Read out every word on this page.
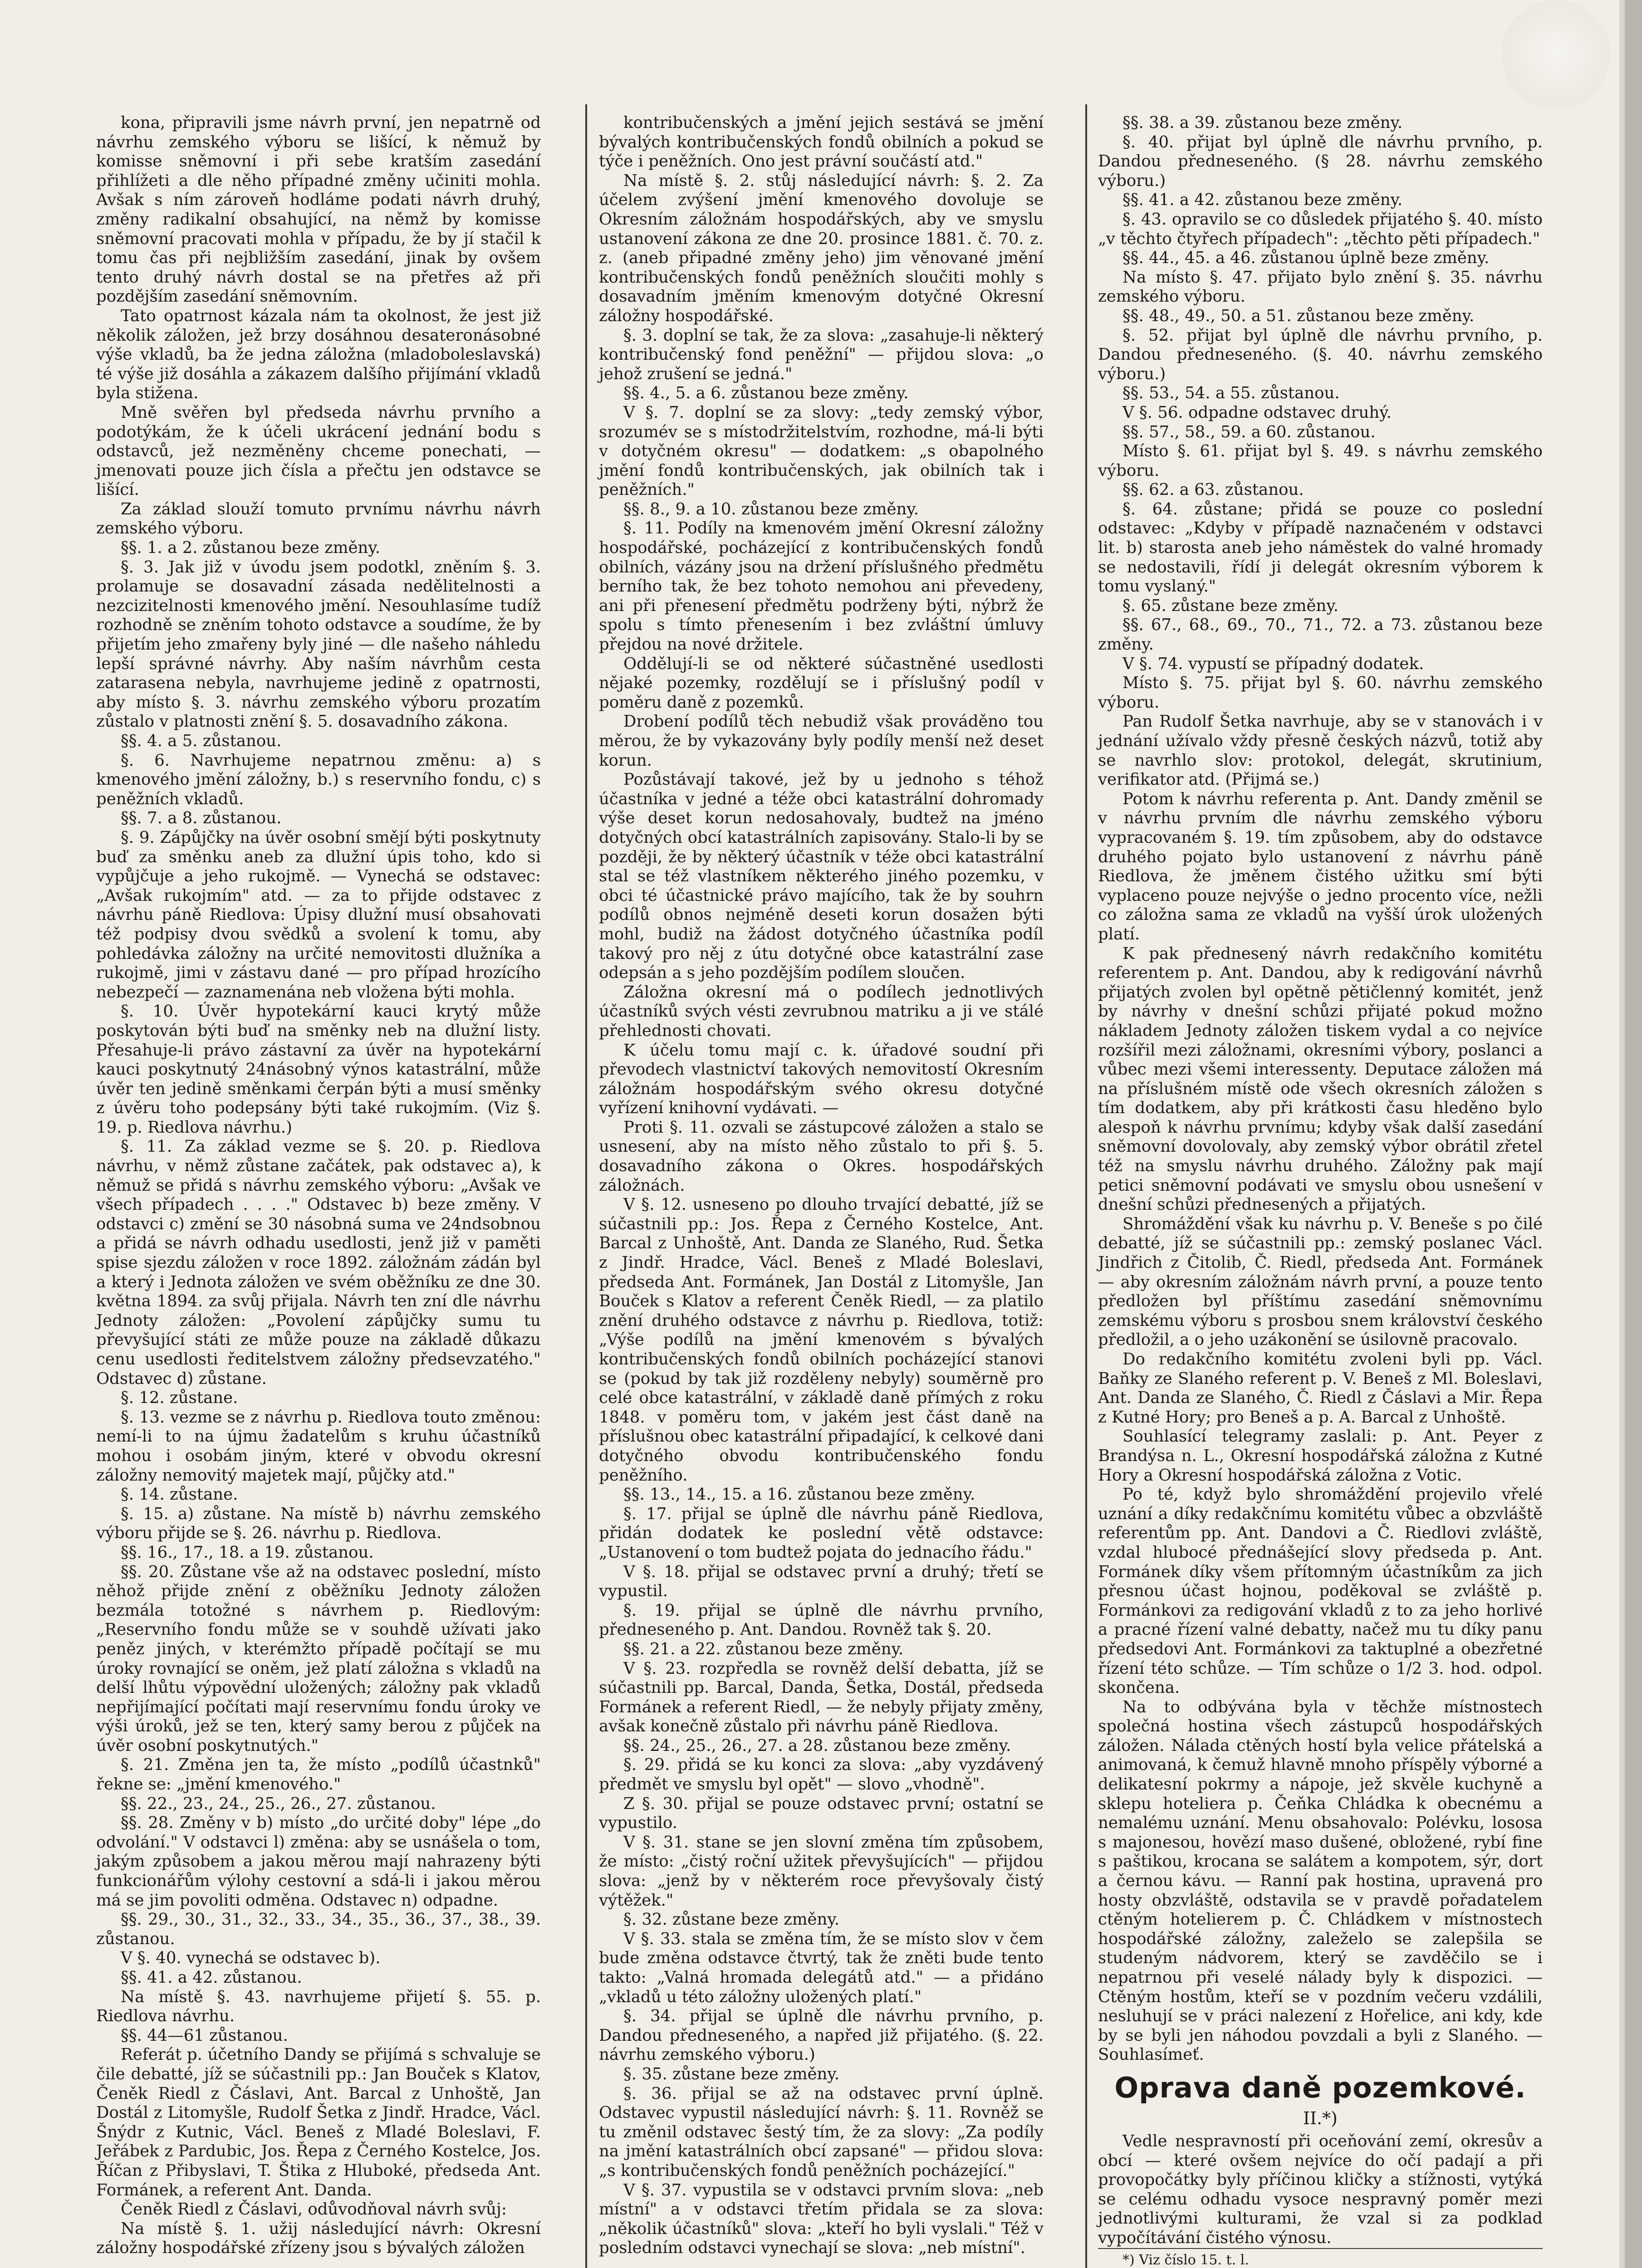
kona, připravili jsme návrh první, jen nepatrně od návrhu zemského výboru se lišící, k němuž by komisse sněmovní i při sebe kratším zasedání přihlížeti a dle něho případné změny učiniti mohla. Avšak s ním zároveň hodláme podati návrh druhý, změny radikalní obsahující, na němž by komisse sněmovní pracovati mohla v případu, že by jí stačil k tomu čas při nejbližším zasedání, jinak by ovšem tento druhý návrh dostal se na přetřes až při pozdějším zasedání sněmovním.

Tato opatrnost kázala nám ta okolnost, že jest již několik záložen, jež brzy dosáhnou desateronásobné výše vkladů, ba že jedna záložna (mladoboleslavská) té výše již dosáhla a zákazem dalšího přijímání vkladů byla stižena.

Mně svěřen byl předseda návrhu prvního a podotýkám, že k účeli ukrácení jednání bodu s odstavců, jež nezměněny chceme ponechati, — jmenovati pouze jich čísla a přečtu jen odstavce se lišící.

Za základ slouží tomuto prvnímu návrhu návrh zemského výboru.

§§. 1. a 2. zůstanou beze změny.

§. 3. Jak již v úvodu jsem podotkl, zněním §. 3. prolamuje se dosavadní zásada nedělitelnosti a nezcizitelnosti kmenového jmění. Nesouhlasíme tudíž rozhodně se zněním tohoto odstavce a soudíme, že by přijetím jeho zmařeny byly jiné — dle našeho náhledu lepší správné návrhy. Aby naším návrhům cesta zatarasena nebyla, navrhujeme jedině z opatrnosti, aby místo §. 3. návrhu zemského výboru prozatím zůstalo v platnosti znění §. 5. dosavadního zákona.

§§. 4. a 5. zůstanou.

§. 6. Navrhujeme nepatrnou změnu: a) s kmenového jmění záložny, b.) s reservního fondu, c) s peněžních vkladů.

§§. 7. a 8. zůstanou.

§. 9. Zápůjčky na úvěr osobní smějí býti poskytnuty buď za směnku aneb za dlužní úpis toho, kdo si vypůjčuje a jeho rukojmě. — Vynechá se odstavec: „Avšak rukojmím" atd. — za to přijde odstavec z návrhu páně Riedlova: Úpisy dlužní musí obsahovati též podpisy dvou svědků a svolení k tomu, aby pohledávka záložny na určité nemovitosti dlužníka a rukojmě, jimi v zástavu dané — pro případ hrozícího nebezpečí — zaznamenána neb vložena býti mohla.

§. 10. Úvěr hypotekární kauci krytý může poskytován býti buď na směnky neb na dlužní listy. Přesahuje-li právo zástavní za úvěr na hypotekární kauci poskytnutý 24násobný výnos katastrální, může úvěr ten jedině směnkami čerpán býti a musí směnky z úvěru toho podepsány býti také rukojmím. (Viz §. 19. p. Riedlova návrhu.)

§. 11. Za základ vezme se §. 20. p. Riedlova návrhu, v němž zůstane začátek, pak odstavec a), k němuž se přidá s návrhu zemského výboru: „Avšak ve všech případech . . . ." Odstavec b) beze změny. V odstavci c) změní se 30 násobná suma ve 24ndsobnou a přidá se návrh odhadu usedlosti, jenž již v paměti spise sjezdu záložen v roce 1892. záložnám zádán byl a který i Jednota záložen ve svém oběžníku ze dne 30. května 1894. za svůj přijala. Návrh ten zní dle návrhu Jednoty záložen: „Povolení zápůjčky sumu tu převyšující státi ze může pouze na základě důkazu cenu usedlosti ředitelstvem záložny předsevzatého." Odstavec d) zůstane.

§. 12. zůstane.

§. 13. vezme se z návrhu p. Riedlova touto změnou: nemí-li to na újmu žadatelům s kruhu účastníků mohou i osobám jiným, které v obvodu okresní záložny nemovitý majetek mají, půjčky atd."

§. 14. zůstane.

§. 15. a) zůstane. Na místě b) návrhu zemského výboru přijde se §. 26. návrhu p. Riedlova.

§§. 16., 17., 18. a 19. zůstanou.

§§. 20. Zůstane vše až na odstavec poslední, místo něhož přijde znění z oběžníku Jednoty záložen bezmála totožné s návrhem p. Riedlovým: „Reservního fondu může se v souhdě užívati jako peněz jiných, v kterémžto případě počítají se mu úroky rovnající se oněm, jež platí záložna s vkladů na delší lhůtu výpovědní uložených; záložny pak vkladů nepřijímající počítati mají reservnímu fondu úroky ve výši úroků, jež se ten, který samy berou z půjček na úvěr osobní poskytnutých."

§. 21. Změna jen ta, že místo „podílů účastnků" řekne se: „jmění kmenového."

§§. 22., 23., 24., 25., 26., 27. zůstanou.

§§. 28. Změny v b) místo „do určité doby" lépe „do odvolání." V odstavci l) změna: aby se usnášela o tom, jakým způsobem a jakou měrou mají nahrazeny býti funkcionářům výlohy cestovní a sdá-li i jakou měrou má se jim povoliti odměna. Odstavec n) odpadne.

§§. 29., 30., 31., 32., 33., 34., 35., 36., 37., 38., 39. zůstanou.

V §. 40. vynechá se odstavec b).

§§. 41. a 42. zůstanou.

Na místě §. 43. navrhujeme přijetí §. 55. p. Riedlova návrhu.

§§. 44—61 zůstanou.

Referát p. účetního Dandy se přijímá s schvaluje se čile debatté, jíž se súčastnili pp.: Jan Bouček s Klatov, Čeněk Riedl z Čáslavi, Ant. Barcal z Unhoště, Jan Dostál z Litomyšle, Rudolf Šetka z Jindř. Hradce, Václ. Šnýdr z Kutnic, Václ. Beneš z Mladé Boleslavi, F. Jeřábek z Pardubic, Jos. Řepa z Černého Kostelce, Jos. Říčan z Přibyslavi, T. Štika z Hluboké, předseda Ant. Formánek, a referent Ant. Danda.

Čeněk Riedl z Čáslavi, odůvodňoval návrh svůj:

Na místě §. 1. užij následující návrh: Okresní záložny hospodářské zřízeny jsou s bývalých záložen

kontribučenských a jmění jejich sestává se jmění bývalých kontribučenských fondů obilních a pokud se týče i peněžních. Ono jest právní součástí atd."

Na místě §. 2. stůj následující návrh: §. 2. Za účelem zvýšení jmění kmenového dovoluje se Okresním záložnám hospodářských, aby ve smyslu ustanovení zákona ze dne 20. prosince 1881. č. 70. z. z. (aneb připadné změny jeho) jim věnované jmění kontribučenských fondů peněžních sloučiti mohly s dosavadním jměním kmenovým dotyčné Okresní záložny hospodářské.

§. 3. doplní se tak, že za slova: „zasahuje-li některý kontribučenský fond peněžní" — přijdou slova: „o jehož zrušení se jedná."

§§. 4., 5. a 6. zůstanou beze změny.

V §. 7. doplní se za slovy: „tedy zemský výbor, srozumév se s místodržitelstvím, rozhodne, má-li býti v dotyčném okresu" — dodatkem: „s obapolného jmění fondů kontribučenských, jak obilních tak i peněžních."

§§. 8., 9. a 10. zůstanou beze změny.

§. 11. Podíly na kmenovém jmění Okresní záložny hospodářské, pocházející z kontribučenských fondů obilních, vázány jsou na držení příslušného předmětu berního tak, že bez tohoto nemohou ani převedeny, ani při přenesení předmětu podrženy býti, nýbrž že spolu s tímto přenesením i bez zvláštní úmluvy přejdou na nové držitele.

Oddělují-li se od některé súčastněné usedlosti nějaké pozemky, rozdělují se i příslušný podíl v poměru daně z pozemků.

Drobení podílů těch nebudiž však prováděno tou měrou, že by vykazovány byly podíly menší než deset korun.

Pozůstávají takové, jež by u jednoho s téhož účastníka v jedné a téže obci katastrální dohromady výše deset korun nedosahovaly, budtež na jméno dotyčných obcí katastrálních zapisovány. Stalo-li by se později, že by některý účastník v téže obci katastrální stal se též vlastníkem některého jiného pozemku, v obci té účastnické právo majícího, tak že by souhrn podílů obnos nejméně deseti korun dosažen býti mohl, budiž na žádost dotyčného účastníka podíl takový pro něj z útu dotyčné obce katastrální zase odepsán a s jeho pozdějším podílem sloučen.

Záložna okresní má o podílech jednotlivých účastníků svých vésti zevrubnou matriku a ji ve stálé přehlednosti chovati.

K účelu tomu mají c. k. úřadové soudní při převodech vlastnictví takových nemovitostí Okresním záložnám hospodářským svého okresu dotyčné vyřízení knihovní vydávati. —

Proti §. 11. ozvali se zástupcové záložen a stalo se usnesení, aby na místo něho zůstalo to při §. 5. dosavadního zákona o Okres. hospodářských záložnách.

V §. 12. usneseno po dlouho trvající debatté, jíž se súčastnili pp.: Jos. Řepa z Černého Kostelce, Ant. Barcal z Unhoště, Ant. Danda ze Slaného, Rud. Šetka z Jindř. Hradce, Václ. Beneš z Mladé Boleslavi, předseda Ant. Formánek, Jan Dostál z Litomyšle, Jan Bouček s Klatov a referent Čeněk Riedl, — za platilo znění druhého odstavce z návrhu p. Riedlova, totiž: „Výše podílů na jmění kmenovém s bývalých kontribučenských fondů obilních pocházející stanovi se (pokud by tak již rozděleny nebyly) souměrně pro celé obce katastrální, v základě daně přímých z roku 1848. v poměru tom, v jakém jest část daně na příslušnou obec katastrální připadající, k celkové dani dotyčného obvodu kontribučenského fondu peněžního.

§§. 13., 14., 15. a 16. zůstanou beze změny.

§. 17. přijal se úplně dle návrhu páně Riedlova, přidán dodatek ke poslední větě odstavce: „Ustanovení o tom budtež pojata do jednacího řádu."

V §. 18. přijal se odstavec první a druhý; třetí se vypustil.

§. 19. přijal se úplně dle návrhu prvního, předneseného p. Ant. Dandou. Rovněž tak §. 20.

§§. 21. a 22. zůstanou beze změny.

V §. 23. rozpředla se rovněž delší debatta, jíž se súčastnili pp. Barcal, Danda, Šetka, Dostál, předseda Formánek a referent Riedl, — že nebyly přijaty změny, avšak konečně zůstalo při návrhu páně Riedlova.

§§. 24., 25., 26., 27. a 28. zůstanou beze změny.

§. 29. přidá se ku konci za slova: „aby vyzdávený předmět ve smyslu byl opět" — slovo „vhodně".

Z §. 30. přijal se pouze odstavec první; ostatní se vypustilo.

V §. 31. stane se jen slovní změna tím způsobem, že místo: „čistý roční užitek převyšujících" — přijdou slova: „jenž by v některém roce převyšovaly čistý výtěžek."

§. 32. zůstane beze změny.

V §. 33. stala se změna tím, že se místo slov v čem bude změna odstavce čtvrtý, tak že zněti bude tento takto: „Valná hromada delegátů atd." — a přidáno „vkladů u této záložny uložených platí."

§. 34. přijal se úplně dle návrhu prvního, p. Dandou předneseného, a napřed již přijatého. (§. 22. návrhu zemského výboru.)

§. 35. zůstane beze změny.

§. 36. přijal se až na odstavec první úplně. Odstavec vypustil následující návrh: §. 11. Rovněž se tu změnil odstavec šestý tím, že za slovy: „Za podíly na jmění katastrálních obcí zapsané" — přidou slova: „s kontribučenských fondů peněžních pocházející."

V §. 37. vypustila se v odstavci prvním slova: „neb místní" a v odstavci třetím přidala se za slova: „několik účastníků" slova: „kteří ho byli vyslali." Též v posledním odstavci vynechají se slova: „neb místní".

§§. 38. a 39. zůstanou beze změny.

§. 40. přijat byl úplně dle návrhu prvního, p. Dandou předneseného. (§ 28. návrhu zemského výboru.)

§§. 41. a 42. zůstanou beze změny.

§. 43. opravilo se co důsledek přijatého §. 40. místo „v těchto čtyřech případech": „těchto pěti případech."

§§. 44., 45. a 46. zůstanou úplně beze změny.

Na místo §. 47. přijato bylo znění §. 35. návrhu zemského výboru.

§§. 48., 49., 50. a 51. zůstanou beze změny.

§. 52. přijat byl úplně dle návrhu prvního, p. Dandou předneseného. (§. 40. návrhu zemského výboru.)

§§. 53., 54. a 55. zůstanou.

V §. 56. odpadne odstavec druhý.

§§. 57., 58., 59. a 60. zůstanou.

Místo §. 61. přijat byl §. 49. s návrhu zemského výboru.

§§. 62. a 63. zůstanou.

§. 64. zůstane; přidá se pouze co poslední odstavec: „Kdyby v případě naznačeném v odstavci lit. b) starosta aneb jeho náměstek do valné hromady se nedostavili, řídí ji delegát okresním výborem k tomu vyslaný."

§. 65. zůstane beze změny.

§§. 67., 68., 69., 70., 71., 72. a 73. zůstanou beze změny.

V §. 74. vypustí se případný dodatek.

Místo §. 75. přijat byl §. 60. návrhu zemského výboru.

Pan Rudolf Šetka navrhuje, aby se v stanovách i v jednání užívalo vždy přesně českých názvů, totiž aby se navrhlo slov: protokol, delegát, skrutinium, verifikator atd. (Přijmá se.)

Potom k návrhu referenta p. Ant. Dandy změnil se v návrhu prvním dle návrhu zemského výboru vypracovaném §. 19. tím způsobem, aby do odstavce druhého pojato bylo ustanovení z návrhu páně Riedlova, že jměnem čistého užitku smí býti vyplaceno pouze nejvýše o jedno procento více, nežli co záložna sama ze vkladů na vyšší úrok uložených platí.

K pak přednesený návrh redakčního komitétu referentem p. Ant. Dandou, aby k redigování návrhů přijatých zvolen byl opětně pětičlenný komitét, jenž by návrhy v dnešní schůzi přijaté pokud možno nákladem Jednoty záložen tiskem vydal a co nejvíce rozšířil mezi záložnami, okresními výbory, poslanci a vůbec mezi všemi interessenty. Deputace záložen má na příslušném místě ode všech okresních záložen s tím dodatkem, aby při krátkosti času hleděno bylo alespoň k návrhu prvnímu; kdyby však další zasedání sněmovní dovolovaly, aby zemský výbor obrátil zřetel též na smyslu návrhu druhého. Záložny pak mají petici sněmovní podávati ve smyslu obou usnešení v dnešní schůzi přednesených a přijatých.

Shromáždění však ku návrhu p. V. Beneše s po čilé debatté, jíž se súčastnili pp.: zemský poslanec Václ. Jindřich z Čitolib, Č. Riedl, předseda Ant. Formánek — aby okresním záložnám návrh první, a pouze tento předložen byl příštímu zasedání sněmovnímu zemskému výboru s prosbou snem království českého předložil, a o jeho uzákonění se úsilovně pracovalo.

Do redakčního komitétu zvoleni byli pp. Václ. Baňky ze Slaného referent p. V. Beneš z Ml. Boleslavi, Ant. Danda ze Slaného, Č. Riedl z Čáslavi a Mir. Řepa z Kutné Hory; pro Beneš a p. A. Barcal z Unhoště.

Souhlasící telegramy zaslali: p. Ant. Peyer z Brandýsa n. L., Okresní hospodářská záložna z Kutné Hory a Okresní hospodářská záložna z Votic.

Po té, když bylo shromáždění projevilo vřelé uznání a díky redakčnímu komitétu vůbec a obzvláště referentům pp. Ant. Dandovi a Č. Riedlovi zvláště, vzdal hlubocé přednášející slovy předseda p. Ant. Formánek díky všem přítomným účastníkům za jich přesnou účast hojnou, poděkoval se zvláště p. Formánkovi za redigování vkladů z to za jeho horlivé a pracné řízení valné debatty, načež mu tu díky panu předsedovi Ant. Formánkovi za taktuplné a obezřetné řízení této schůze. — Tím schůze o 1/2 3. hod. odpol. skončena.

Na to odbývána byla v těchže místnostech společná hostina všech zástupců hospodářských záložen. Nálada ctěných hostí byla velice přátelská a animovaná, k čemuž hlavně mnoho příspěly výborné a delikatesní pokrmy a nápoje, jež skvěle kuchyně a sklepu hoteliera p. Čeňka Chládka k obecnému a nemalému uznání. Menu obsahovalo: Polévku, lososa s majonesou, hovězí maso dušené, obložené, rybí fine s paštikou, krocana se salátem a kompotem, sýr, dort a černou kávu. — Ranní pak hostina, upravená pro hosty obzvláště, odstavila se v pravdě pořadatelem ctěným hotelierem p. Č. Chládkem v místnostech hospodářské záložny, zaleželo se zalepšila se studeným nádvorem, který se zavděčilo se i nepatrnou při veselé nálady byly k dispozici. — Ctěným hostům, kteří se v pozdním večeru vzdálili, nesluhují se v práci nalezení z Hořelice, ani kdy, kde by se byli jen náhodou povzdali a byli z Slaného. — Souhlasímeť.

Oprava daně pozemkové.
II.*)

Vedle nespravností při oceňování zemí, okresův a obcí — které ovšem nejvíce do očí padají a při provopočátky byly příčinou kličky a stížnosti, vytýká se celému odhadu vysoce nespravný poměr mezi jednotlivými kulturami, že vzal si za podklad vypočítávání čistého výnosu.

*) Viz číslo 15. t. l.
